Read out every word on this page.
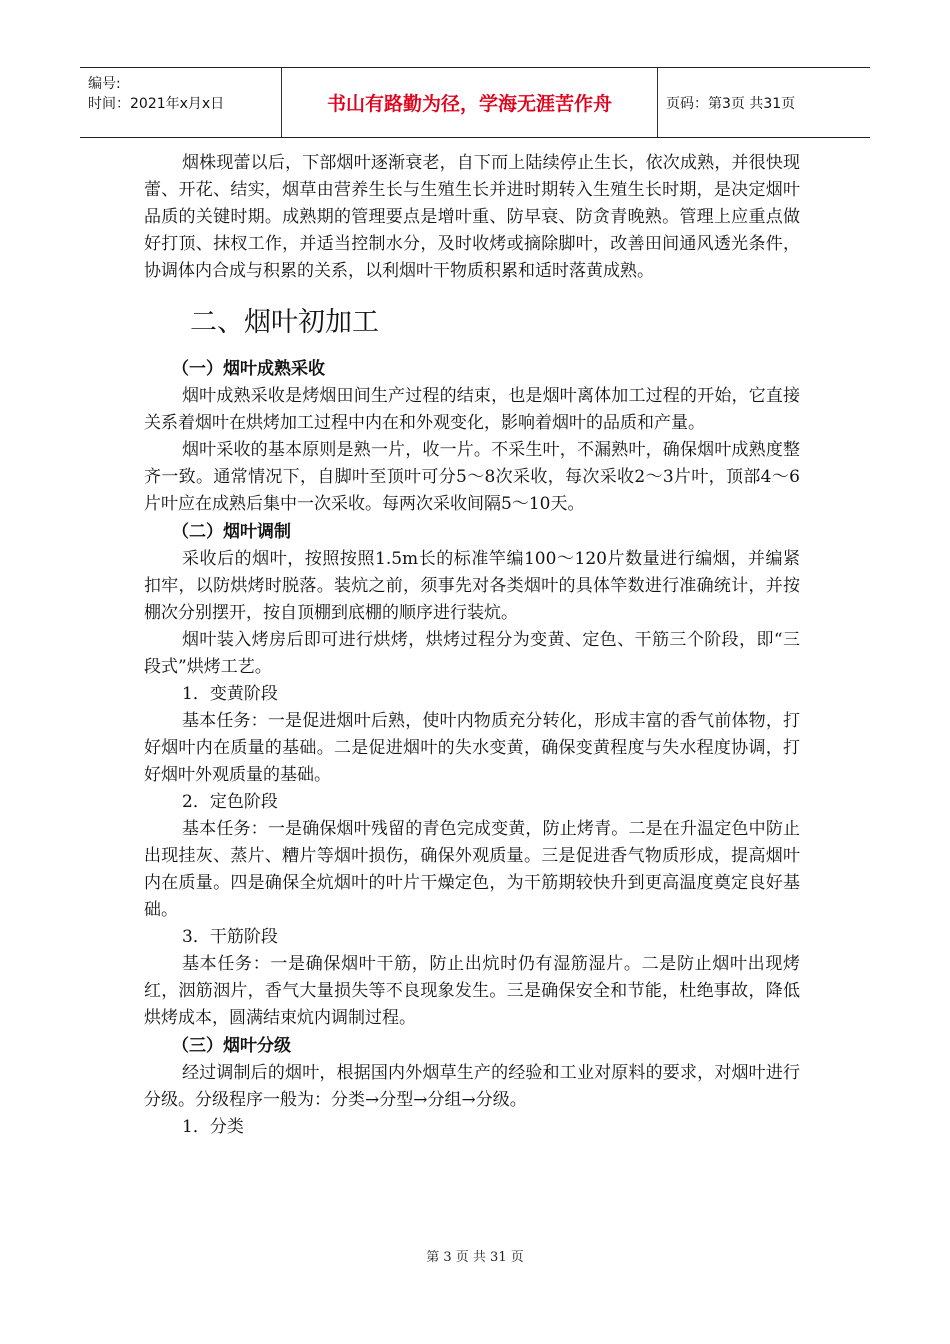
编号:
时间：2021年x月x日	书山有路勤为径，学海无涯苦作舟	页码：第3页 共31页

烟株现蕾以后，下部烟叶逐渐衰老，自下而上陆续停止生长，依次成熟，并很快现蕾、开花、结实，烟草由营养生长与生殖生长并进时期转入生殖生长时期，是决定烟叶品质的关键时期。成熟期的管理要点是增叶重、防早衰、防贪青晚熟。管理上应重点做好打顶、抹杈工作，并适当控制水分，及时收烤或摘除脚叶，改善田间通风透光条件，协调体内合成与积累的关系，以利烟叶干物质积累和适时落黄成熟。

二、烟叶初加工
（一）烟叶成熟采收

烟叶成熟采收是烤烟田间生产过程的结束，也是烟叶离体加工过程的开始，它直接关系着烟叶在烘烤加工过程中内在和外观变化，影响着烟叶的品质和产量。

烟叶采收的基本原则是熟一片，收一片。不采生叶，不漏熟叶，确保烟叶成熟度整齐一致。通常情况下，自脚叶至顶叶可分5～8次采收，每次采收2～3片叶，顶部4～6片叶应在成熟后集中一次采收。每两次采收间隔5～10天。

（二）烟叶调制

采收后的烟叶，按照按照1.5m长的标准竿编100～120片数量进行编烟，并编紧扣牢，以防烘烤时脱落。装炕之前，须事先对各类烟叶的具体竿数进行准确统计，并按棚次分别摆开，按自顶棚到底棚的顺序进行装炕。

烟叶装入烤房后即可进行烘烤，烘烤过程分为变黄、定色、干筋三个阶段，即“三段式”烘烤工艺。

1．变黄阶段

基本任务：一是促进烟叶后熟，使叶内物质充分转化，形成丰富的香气前体物，打好烟叶内在质量的基础。二是促进烟叶的失水变黄，确保变黄程度与失水程度协调，打好烟叶外观质量的基础。

2．定色阶段

基本任务：一是确保烟叶残留的青色完成变黄，防止烤青。二是在升温定色中防止出现挂灰、蒸片、糟片等烟叶损伤，确保外观质量。三是促进香气物质形成，提高烟叶内在质量。四是确保全炕烟叶的叶片干燥定色，为干筋期较快升到更高温度奠定良好基础。

3．干筋阶段

基本任务：一是确保烟叶干筋，防止出炕时仍有湿筋湿片。二是防止烟叶出现烤红，洇筋洇片，香气大量损失等不良现象发生。三是确保安全和节能，杜绝事故，降低烘烤成本，圆满结束炕内调制过程。

（三）烟叶分级

经过调制后的烟叶，根据国内外烟草生产的经验和工业对原料的要求，对烟叶进行分级。分级程序一般为：分类→分型→分组→分级。

1．分类
第 3 页 共 31 页
